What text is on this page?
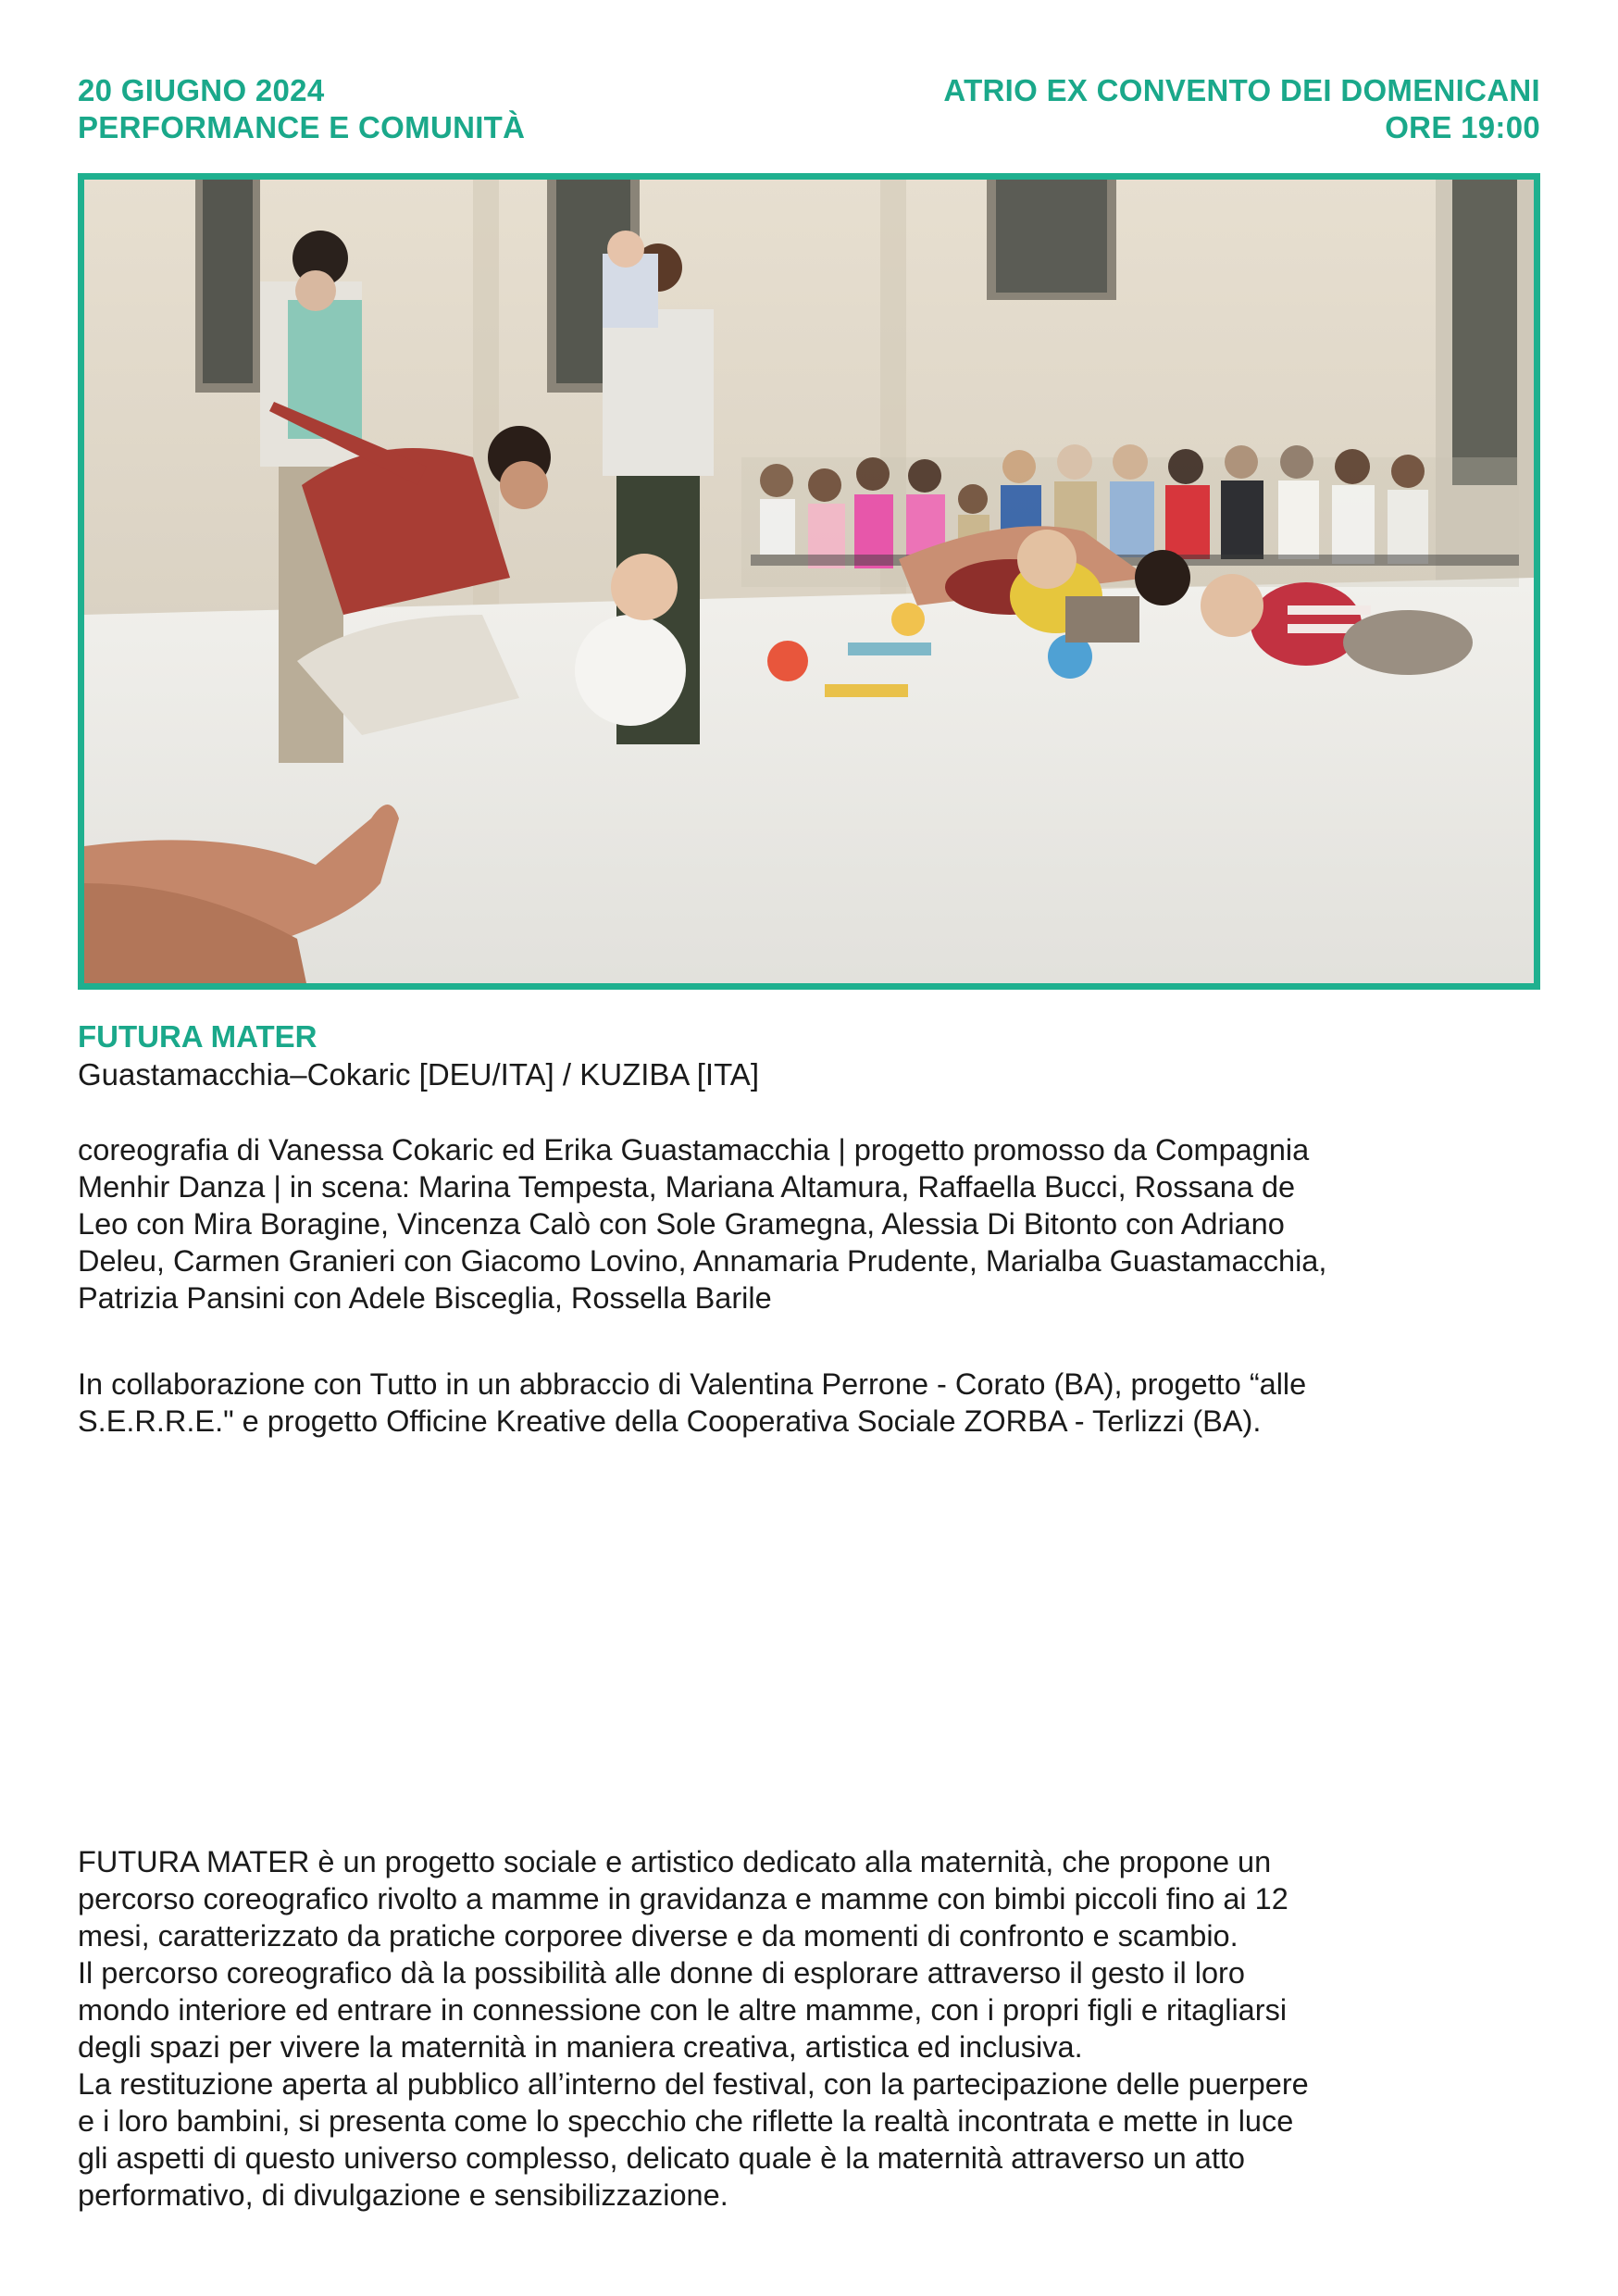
20 GIUGNO 2024
PERFORMANCE E COMUNITÀ
ATRIO EX CONVENTO DEI DOMENICANI
ORE 19:00
FUTURA MATER
Guastamacchia–Cokaric [DEU/ITA] / KUZIBA [ITA]

coreografia di Vanessa Cokaric ed Erika Guastamacchia | progetto promosso da Compagnia
Menhir Danza | in scena: Marina Tempesta, Mariana Altamura, Raffaella Bucci, Rossana de
Leo con Mira Boragine, Vincenza Calò con Sole Gramegna, Alessia Di Bitonto con Adriano
Deleu, Carmen Granieri con Giacomo Lovino, Annamaria Prudente, Marialba Guastamacchia,
Patrizia Pansini con Adele Bisceglia, Rossella Barile

In collaborazione con Tutto in un abbraccio di Valentina Perrone - Corato (BA), progetto “alle
S.E.R.R.E." e progetto Officine Kreative della Cooperativa Sociale ZORBA - Terlizzi (BA).

FUTURA MATER è un progetto sociale e artistico dedicato alla maternità, che propone un
percorso coreografico rivolto a mamme in gravidanza e mamme con bimbi piccoli fino ai 12
mesi, caratterizzato da pratiche corporee diverse e da momenti di confronto e scambio.
Il percorso coreografico dà la possibilità alle donne di esplorare attraverso il gesto il loro
mondo interiore ed entrare in connessione con le altre mamme, con i propri figli e ritagliarsi
degli spazi per vivere la maternità in maniera creativa, artistica ed inclusiva.
La restituzione aperta al pubblico all’interno del festival, con la partecipazione delle puerpere
e i loro bambini, si presenta come lo specchio che riflette la realtà incontrata e mette in luce
gli aspetti di questo universo complesso, delicato quale è la maternità attraverso un atto
performativo, di divulgazione e sensibilizzazione.
